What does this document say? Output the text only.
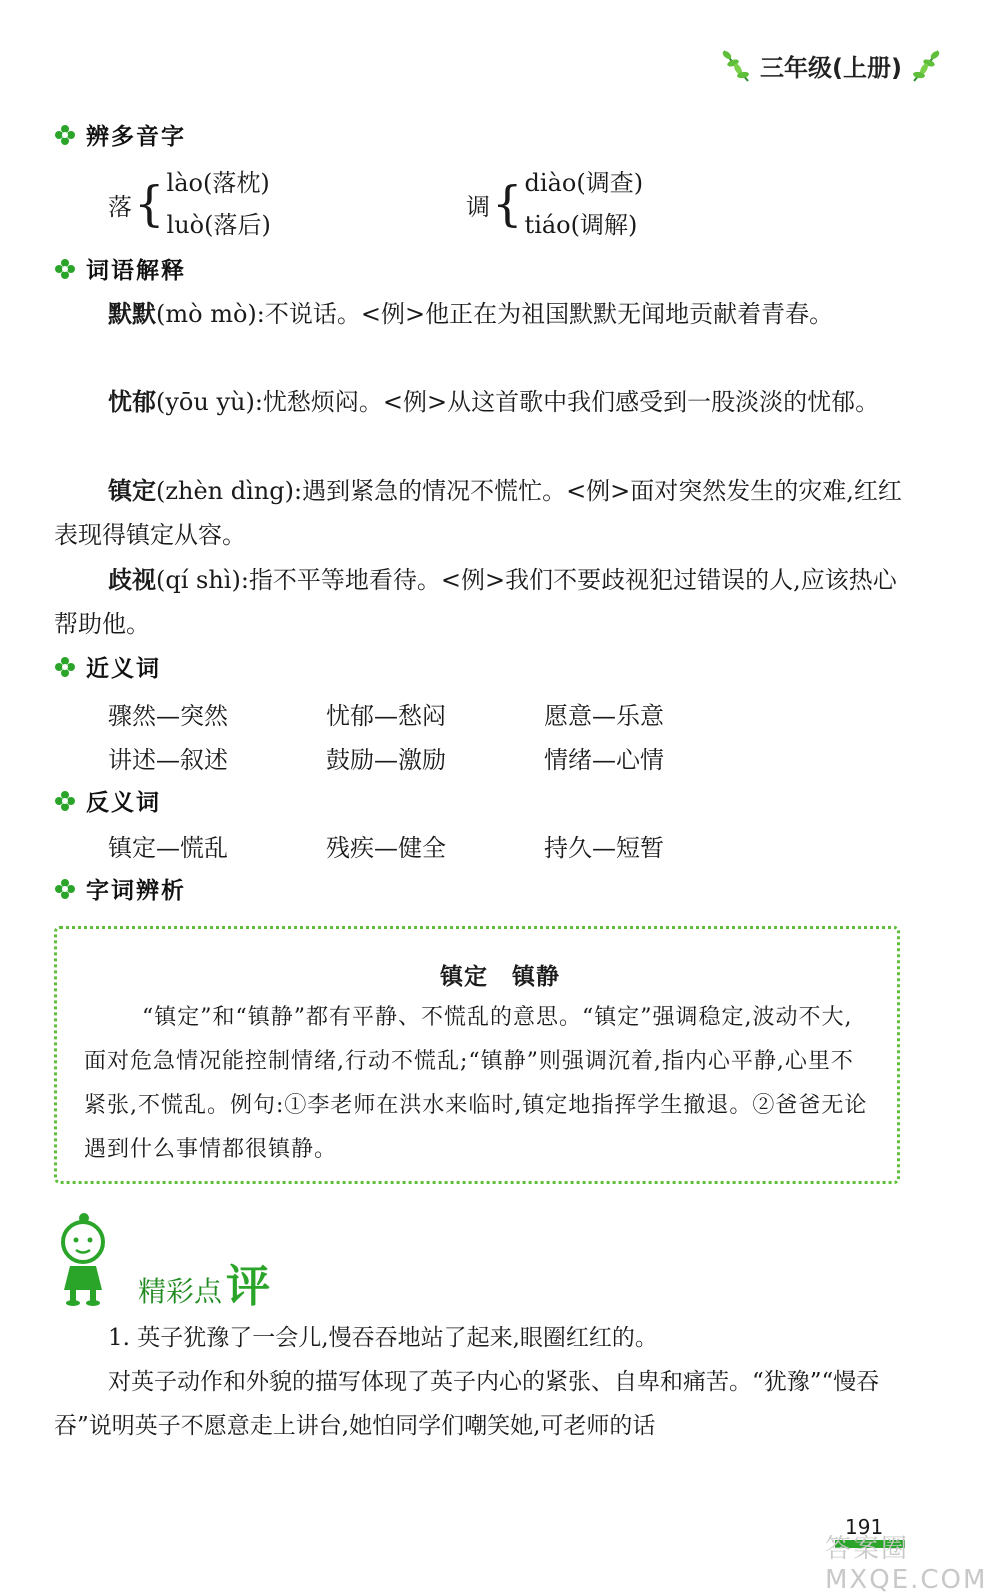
三年级(上册)
辨多音字
落 { lào(落枕)
luò(落后)
调 { diào(调查)
tiáo(调解)
词语解释
默默(mò mò):不说话。<例>他正在为祖国默默无闻地贡献着青春。
忧郁(yōu yù):忧愁烦闷。<例>从这首歌中我们感受到一股淡淡的忧郁。
镇定(zhèn dìng):遇到紧急的情况不慌忙。<例>面对突然发生的灾难,红红表现得镇定从容。
歧视(qí shì):指不平等地看待。<例>我们不要歧视犯过错误的人,应该热心帮助他。
近义词
骤然—突然	忧郁—愁闷	愿意—乐意
讲述—叙述	鼓励—激励	情绪—心情
反义词
镇定—慌乱	残疾—健全	持久—短暂
字词辨析
镇定　镇静
“镇定”和“镇静”都有平静、不慌乱的意思。“镇定”强调稳定,波动不大,面对危急情况能控制情绪,行动不慌乱;“镇静”则强调沉着,指内心平静,心里不紧张,不慌乱。例句:①李老师在洪水来临时,镇定地指挥学生撤退。②爸爸无论遇到什么事情都很镇静。
精彩点 评
1. 英子犹豫了一会儿,慢吞吞地站了起来,眼圈红红的。
对英子动作和外貌的描写体现了英子内心的紧张、自卑和痛苦。“犹豫”“慢吞吞”说明英子不愿意走上讲台,她怕同学们嘲笑她,可老师的话
191
答案圈 MXQE.COM
